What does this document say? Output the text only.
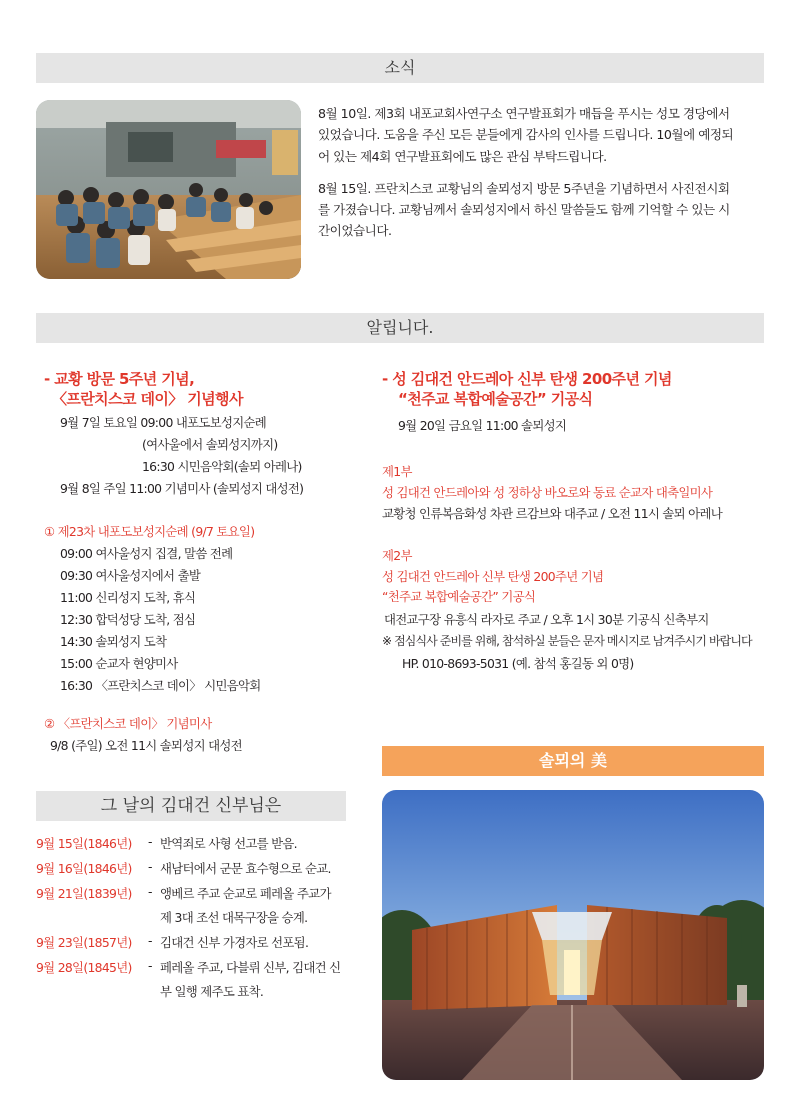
소식

8월 10일. 제3회 내포교회사연구소 연구발표회가 매듭을 푸시는 성모 경당에서 있었습니다. 도움을 주신 모든 분들에게 감사의 인사를 드립니다. 10월에 예정되어 있는 제4회 연구발표회에도 많은 관심 부탁드립니다.

8월 15일. 프란치스코 교황님의 솔뫼성지 방문 5주년을 기념하면서 사진전시회를 가졌습니다. 교황님께서 솔뫼성지에서 하신 말씀들도 함께 기억할 수 있는 시간이었습니다.

알립니다.
- 교황 방문 5주년 기념,
〈프란치스코 데이〉 기념행사
9월 7일 토요일 09:00 내포도보성지순례
(여사울에서 솔뫼성지까지)
16:30 시민음악회(솔뫼 아레나)
9월 8일 주일 11:00 기념미사 (솔뫼성지 대성전)
① 제23차 내포도보성지순례 (9/7 토요일)
09:00 여사울성지 집결, 말씀 전례
09:30 여사울성지에서 출발
11:00 신리성지 도착, 휴식
12:30 합덕성당 도착, 점심
14:30 솔뫼성지 도착
15:00 순교자 현양미사
16:30 〈프란치스코 데이〉 시민음악회
② 〈프란치스코 데이〉 기념미사
9/8 (주일) 오전 11시 솔뫼성지 대성전
- 성 김대건 안드레아 신부 탄생 200주년 기념
“천주교 복합예술공간” 기공식
9월 20일 금요일 11:00 솔뫼성지
제1부
성 김대건 안드레아와 성 정하상 바오로와 동료 순교자 대축일미사
교황청 인류복음화성 차관 르감브와 대주교 / 오전 11시 솔뫼 아레나
제2부
성 김대건 안드레아 신부 탄생 200주년 기념
“천주교 복합예술공간” 기공식
대전교구장 유흥식 라자로 주교 / 오후 1시 30분 기공식 신축부지
※ 점심식사 준비를 위해, 참석하실 분들은 문자 메시지로 남겨주시기 바랍니다
HP. 010-8693-5031 (예. 참석 홍길동 외 0명)
그 날의 김대건 신부님은
9월 15일(1846년) - 반역죄로 사형 선고를 받음.
9월 16일(1846년) - 새남터에서 군문 효수형으로 순교.
9월 21일(1839년) - 앵베르 주교 순교로 페레올 주교가
제 3대 조선 대목구장을 승계.
9월 23일(1857년) - 김대건 신부 가경자로 선포됨.
9월 28일(1845년) - 페레올 주교, 다블뤼 신부, 김대건 신
부 일행 제주도 표착.
솔뫼의 美
